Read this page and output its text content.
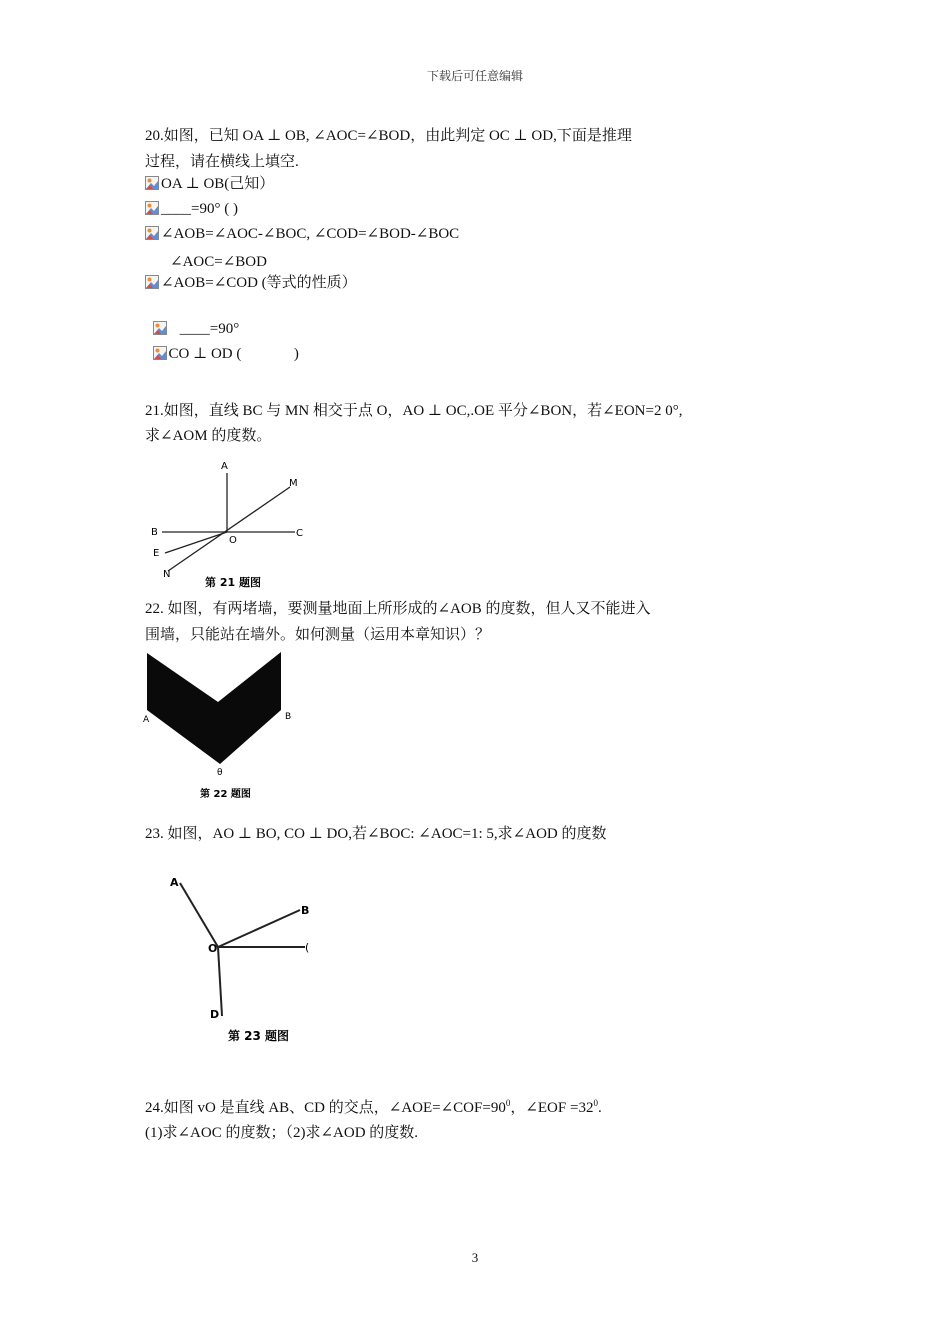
下载后可任意编辑
20.如图，已知 OA ⊥ OB, ∠AOC=∠BOD，由此判定 OC ⊥ OD,下面是推理
过程，请在横线上填空.
OA ⊥ OB(己知）
____=90° ( )
∠AOB=∠AOC-∠BOC, ∠COD=∠BOD-∠BOC
∠AOC=∠BOD
∠AOB=∠COD (等式的性质）

____=90°

CO ⊥ OD (              )

21.如图，直线 BC 与 MN 相交于点 O，AO ⊥ OC,.OE 平分∠BON，若∠EON=2 0°,
求∠AOM 的度数。
A
M
B	C
O
E
N
第 21 题图
22. 如图，有两堵墙，要测量地面上所形成的∠AOB 的度数，但人又不能进入
围墙，只能站在墙外。如何测量（运用本章知识）？
A	B
θ
第 22 题图
23. 如图，AO ⊥ BO, CO ⊥ DO,若∠BOC: ∠AOC=1: 5,求∠AOD 的度数
A
B
O	(
D
第 23 题图
24.如图 vO 是直线 AB、CD 的交点，$\angle AOE=\angle COF=90^0$，∠EOF $=32^0$.
(1)求∠AOC 的度数；（2)求∠AOD 的度数.
3
